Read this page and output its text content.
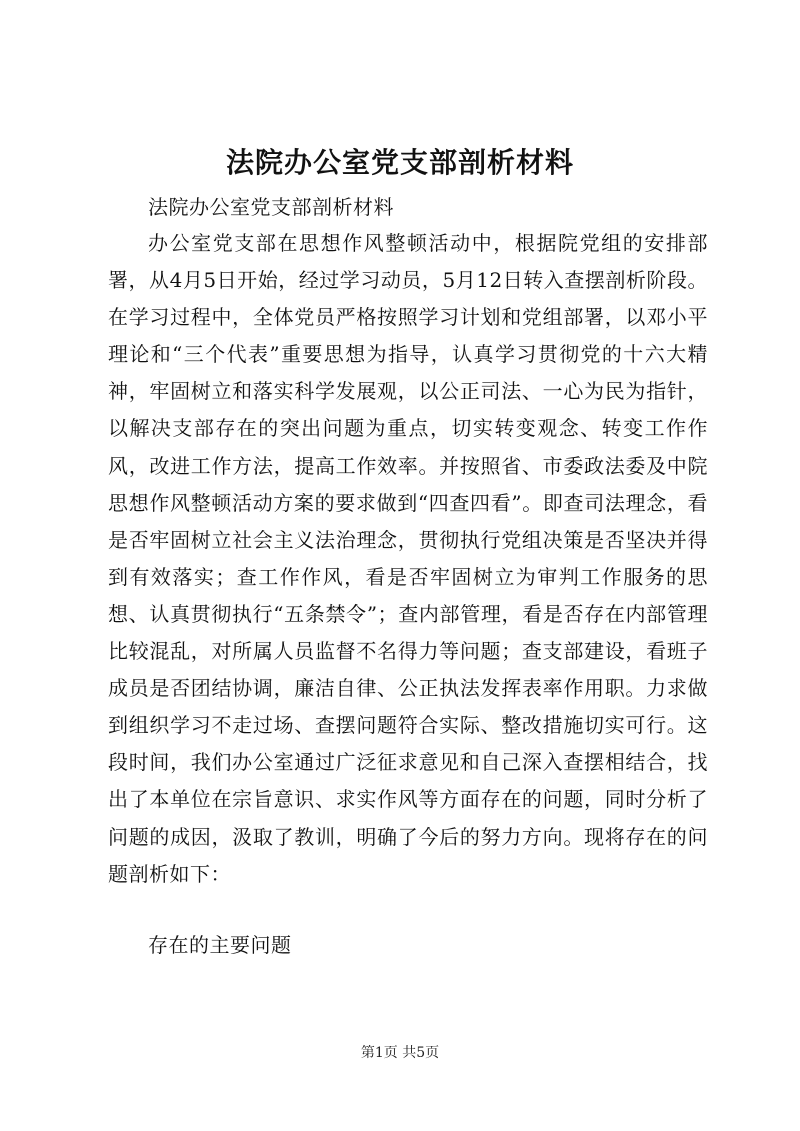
法院办公室党支部剖析材料
法院办公室党支部剖析材料
办公室党支部在思想作风整顿活动中，根据院党组的安排部署，从4月5日开始，经过学习动员，5月12日转入查摆剖析阶段。在学习过程中，全体党员严格按照学习计划和党组部署，以邓小平理论和“三个代表”重要思想为指导，认真学习贯彻党的十六大精神，牢固树立和落实科学发展观，以公正司法、一心为民为指针，以解决支部存在的突出问题为重点，切实转变观念、转变工作作风，改进工作方法，提高工作效率。并按照省、市委政法委及中院思想作风整顿活动方案的要求做到“四查四看”。即查司法理念，看是否牢固树立社会主义法治理念，贯彻执行党组决策是否坚决并得到有效落实；查工作作风，看是否牢固树立为审判工作服务的思想、认真贯彻执行“五条禁令”；查内部管理，看是否存在内部管理比较混乱，对所属人员监督不名得力等问题；查支部建设，看班子成员是否团结协调，廉洁自律、公正执法发挥表率作用职。力求做到组织学习不走过场、查摆问题符合实际、整改措施切实可行。这段时间，我们办公室通过广泛征求意见和自己深入查摆相结合，找出了本单位在宗旨意识、求实作风等方面存在的问题，同时分析了问题的成因，汲取了教训，明确了今后的努力方向。现将存在的问题剖析如下：
存在的主要问题
第1页 共5页
